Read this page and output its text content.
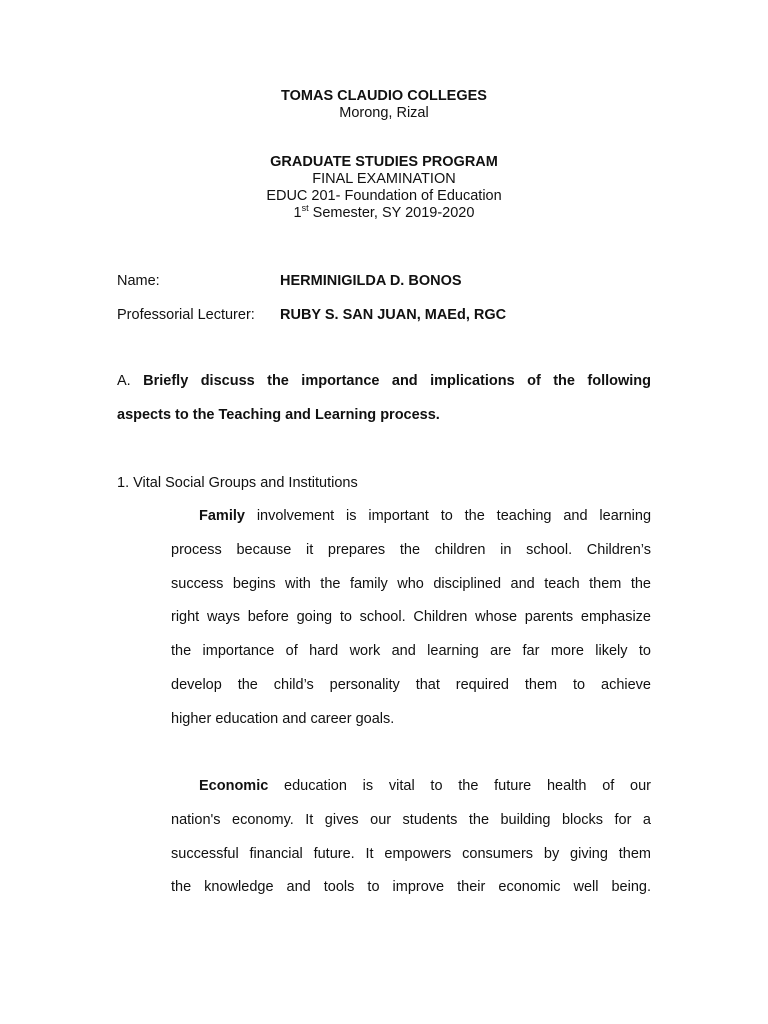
TOMAS CLAUDIO COLLEGES
Morong, Rizal
GRADUATE STUDIES PROGRAM
FINAL EXAMINATION
EDUC 201- Foundation of Education
1st Semester, SY 2019-2020
Name:	HERMINIGILDA D. BONOS
Professorial Lecturer: RUBY S. SAN JUAN, MAEd, RGC
A. Briefly discuss the importance and implications of the following
aspects to the Teaching and Learning process.
1. Vital Social Groups and Institutions
Family involvement is important to the teaching and learning
process because it prepares the children in school. Children’s
success begins with the family who disciplined and teach them the
right ways before going to school. Children whose parents emphasize
the importance of hard work and learning are far more likely to
develop the child’s personality that required them to achieve
higher education and career goals.
Economic education is vital to the future health of our
nation's economy. It gives our students the building blocks for a
successful financial future. It empowers consumers by giving them
the knowledge and tools to improve their economic well being.
